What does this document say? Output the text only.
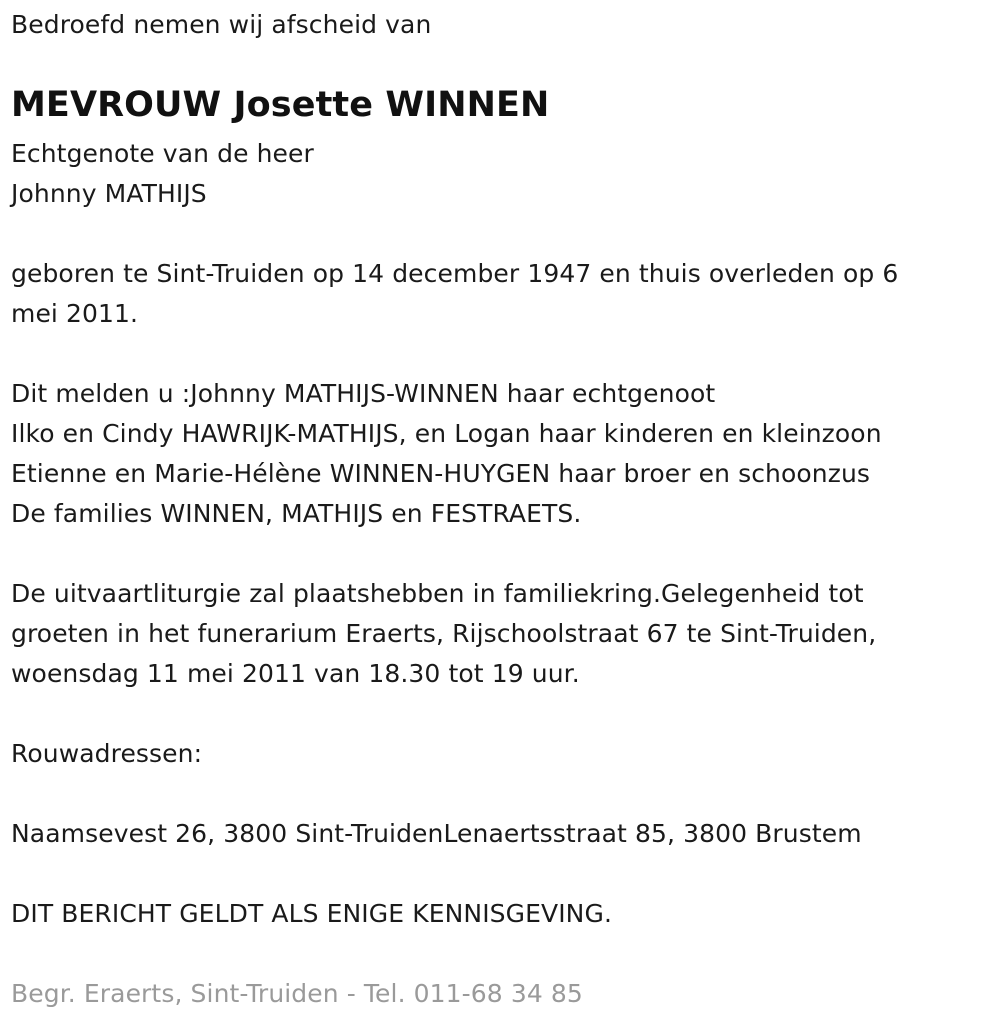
Bedroefd nemen wij afscheid van
MEVROUW Josette WINNEN
Echtgenote van de heer
Johnny MATHIJS
geboren te Sint-Truiden op 14 december 1947 en thuis overleden op 6
mei 2011.
Dit melden u :Johnny MATHIJS-WINNEN haar echtgenoot
Ilko en Cindy HAWRIJK-MATHIJS, en Logan haar kinderen en kleinzoon
Etienne en Marie-Hélène WINNEN-HUYGEN haar broer en schoonzus
De families WINNEN, MATHIJS en FESTRAETS.
De uitvaartliturgie zal plaatshebben in familiekring.Gelegenheid tot
groeten in het funerarium Eraerts, Rijschoolstraat 67 te Sint-Truiden,
woensdag 11 mei 2011 van 18.30 tot 19 uur.
Rouwadressen:
Naamsevest 26, 3800 Sint-TruidenLenaertsstraat 85, 3800 Brustem
DIT BERICHT GELDT ALS ENIGE KENNISGEVING.
Begr. Eraerts, Sint-Truiden - Tel. 011-68 34 85
